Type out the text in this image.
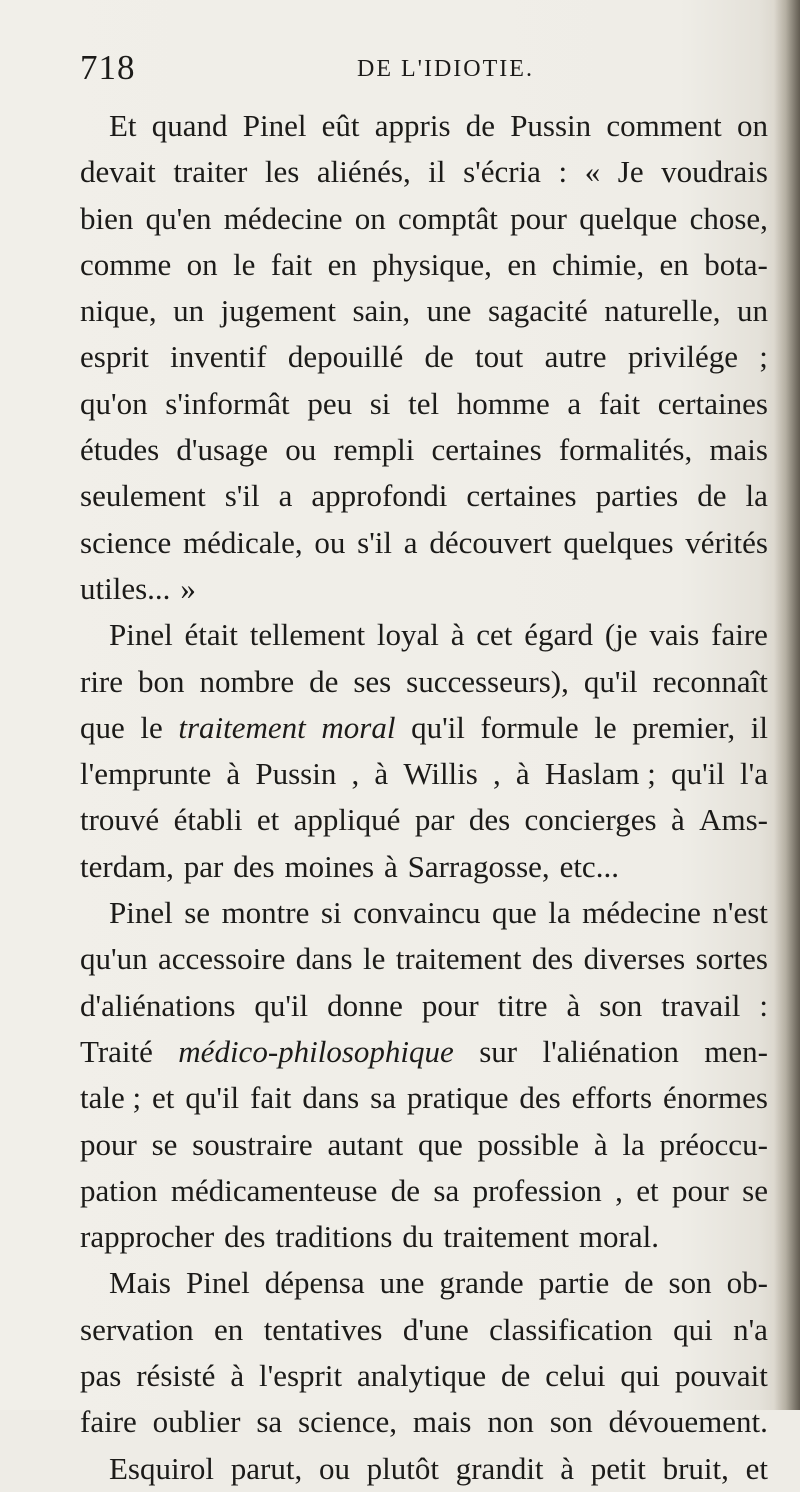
718	DE L'IDIOTIE.
Et quand Pinel eût appris de Pussin comment on
devait traiter les aliénés, il s'écria : « Je voudrais
bien qu'en médecine on comptât pour quelque chose,
comme on le fait en physique, en chimie, en bota-
nique, un jugement sain, une sagacité naturelle, un
esprit inventif depouillé de tout autre privilége ;
qu'on s'informât peu si tel homme a fait certaines
études d'usage ou rempli certaines formalités, mais
seulement s'il a approfondi certaines parties de la
science médicale, ou s'il a découvert quelques vérités
utiles... »
Pinel était tellement loyal à cet égard (je vais faire
rire bon nombre de ses successeurs), qu'il reconnaît
que le traitement moral qu'il formule le premier, il
l'emprunte à Pussin , à Willis , à Haslam ; qu'il l'a
trouvé établi et appliqué par des concierges à Ams-
terdam, par des moines à Sarragosse, etc...
Pinel se montre si convaincu que la médecine n'est
qu'un accessoire dans le traitement des diverses sortes
d'aliénations qu'il donne pour titre à son travail :
Traité médico-philosophique sur l'aliénation men-
tale ; et qu'il fait dans sa pratique des efforts énormes
pour se soustraire autant que possible à la préoccu-
pation médicamenteuse de sa profession , et pour se
rapprocher des traditions du traitement moral.
Mais Pinel dépensa une grande partie de son ob-
servation en tentatives d'une classification qui n'a
pas résisté à l'esprit analytique de celui qui pouvait
faire oublier sa science, mais non son dévouement.
Esquirol parut, ou plutôt grandit à petit bruit, et
